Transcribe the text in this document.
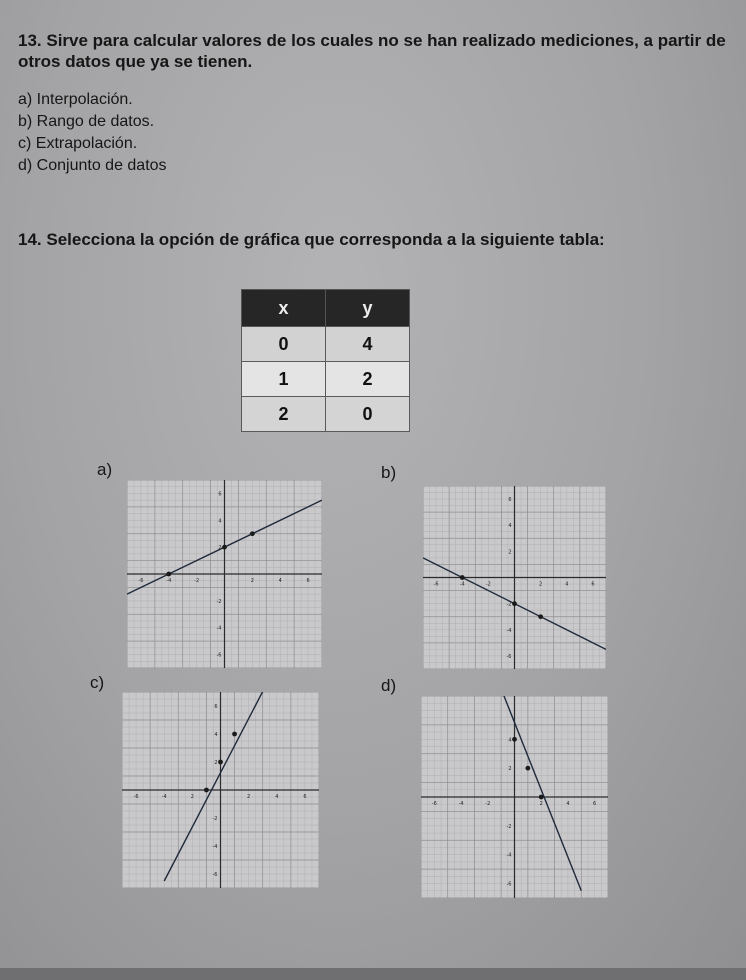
13. Sirve para calcular valores de los cuales no se han realizado mediciones, a partir de otros datos que ya se tienen.
a) Interpolación.
b) Rango de datos.
c) Extrapolación.
d) Conjunto de datos
14. Selecciona la opción de gráfica que corresponda a la siguiente tabla:
x	y
0	4
1	2
2	0
a)	b)
c)	d)
-6	-4	-2	2	4	6
6
4
2
-2
-4
-6
-6	-4	-2	2	4	6
6
4
2
-2
-4
-6
-6	-4	2	2	4	6
6
4
2
-2
-4
-6
-6	-4	-2	2	4	6
4
2
-2
-4
-6
